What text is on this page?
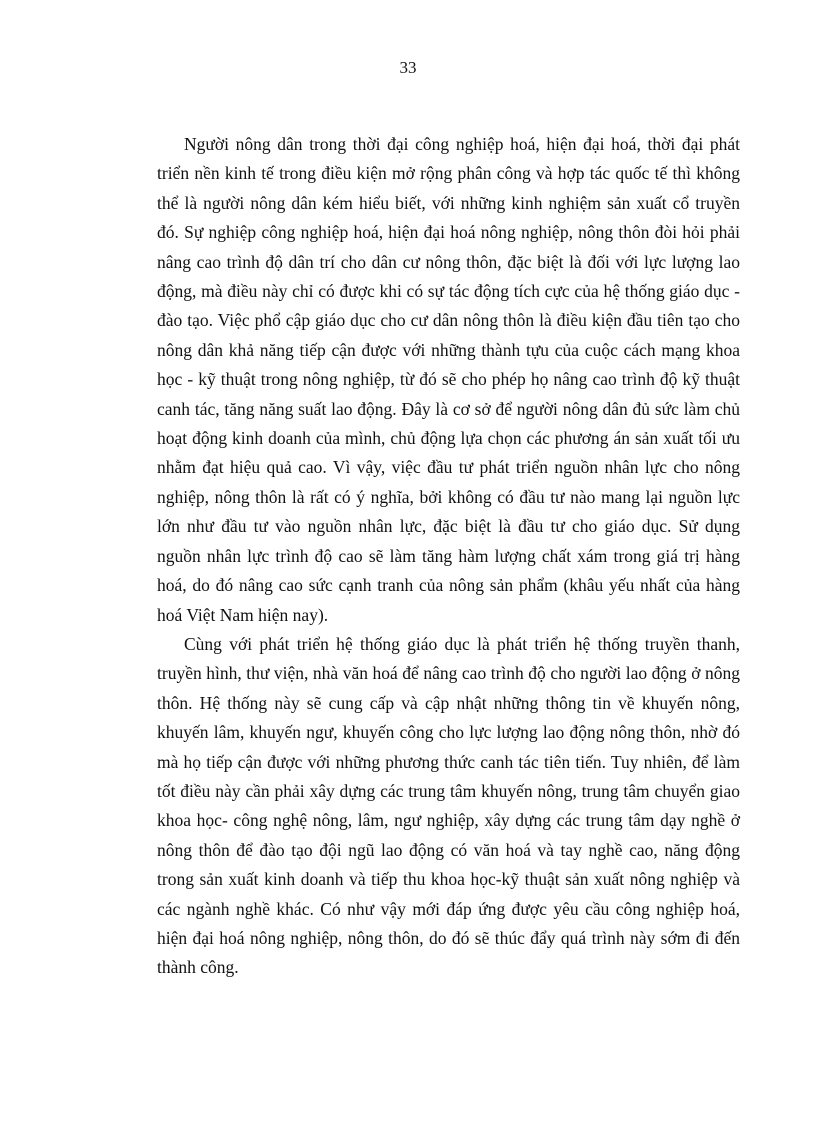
33

Người nông dân trong thời đại công nghiệp hoá, hiện đại hoá, thời đại phát triển nền kinh tế trong điều kiện mở rộng phân công và hợp tác quốc tế thì không thể là người nông dân kém hiểu biết, với những kinh nghiệm sản xuất cổ truyền đó. Sự nghiệp công nghiệp hoá, hiện đại hoá nông nghiệp, nông thôn đòi hỏi phải nâng cao trình độ dân trí cho dân cư nông thôn, đặc biệt là đối với lực lượng lao động, mà điều này chỉ có được khi có sự tác động tích cực của hệ thống giáo dục - đào tạo. Việc phổ cập giáo dục cho cư dân nông thôn là điều kiện đầu tiên tạo cho nông dân khả năng tiếp cận được với những thành tựu của cuộc cách mạng khoa học - kỹ thuật trong nông nghiệp, từ đó sẽ cho phép họ nâng cao trình độ kỹ thuật canh tác, tăng năng suất lao động. Đây là cơ sở để người nông dân đủ sức làm chủ hoạt động kinh doanh của mình, chủ động lựa chọn các phương án sản xuất tối ưu nhằm đạt hiệu quả cao. Vì vậy, việc đầu tư phát triển nguồn nhân lực cho nông nghiệp, nông thôn là rất có ý nghĩa, bởi không có đầu tư nào mang lại nguồn lực lớn như đầu tư vào nguồn nhân lực, đặc biệt là đầu tư cho giáo dục. Sử dụng nguồn nhân lực trình độ cao sẽ làm tăng hàm lượng chất xám trong giá trị hàng hoá, do đó nâng cao sức cạnh tranh của nông sản phẩm (khâu yếu nhất của hàng hoá Việt Nam hiện nay).

Cùng với phát triển hệ thống giáo dục là phát triển hệ thống truyền thanh, truyền hình, thư viện, nhà văn hoá để nâng cao trình độ cho người lao động ở nông thôn. Hệ thống này sẽ cung cấp và cập nhật những thông tin về khuyến nông, khuyến lâm, khuyến ngư, khuyến công cho lực lượng lao động nông thôn, nhờ đó mà họ tiếp cận được với những phương thức canh tác tiên tiến. Tuy nhiên, để làm tốt điều này cần phải xây dựng các trung tâm khuyến nông, trung tâm chuyển giao khoa học- công nghệ nông, lâm, ngư nghiệp, xây dựng các trung tâm dạy nghề ở nông thôn để đào tạo đội ngũ lao động có văn hoá và tay nghề cao, năng động trong sản xuất kinh doanh và tiếp thu khoa học-kỹ thuật sản xuất nông nghiệp và các ngành nghề khác. Có như vậy mới đáp ứng được yêu cầu công nghiệp hoá, hiện đại hoá nông nghiệp, nông thôn, do đó sẽ thúc đẩy quá trình này sớm đi đến thành công.
